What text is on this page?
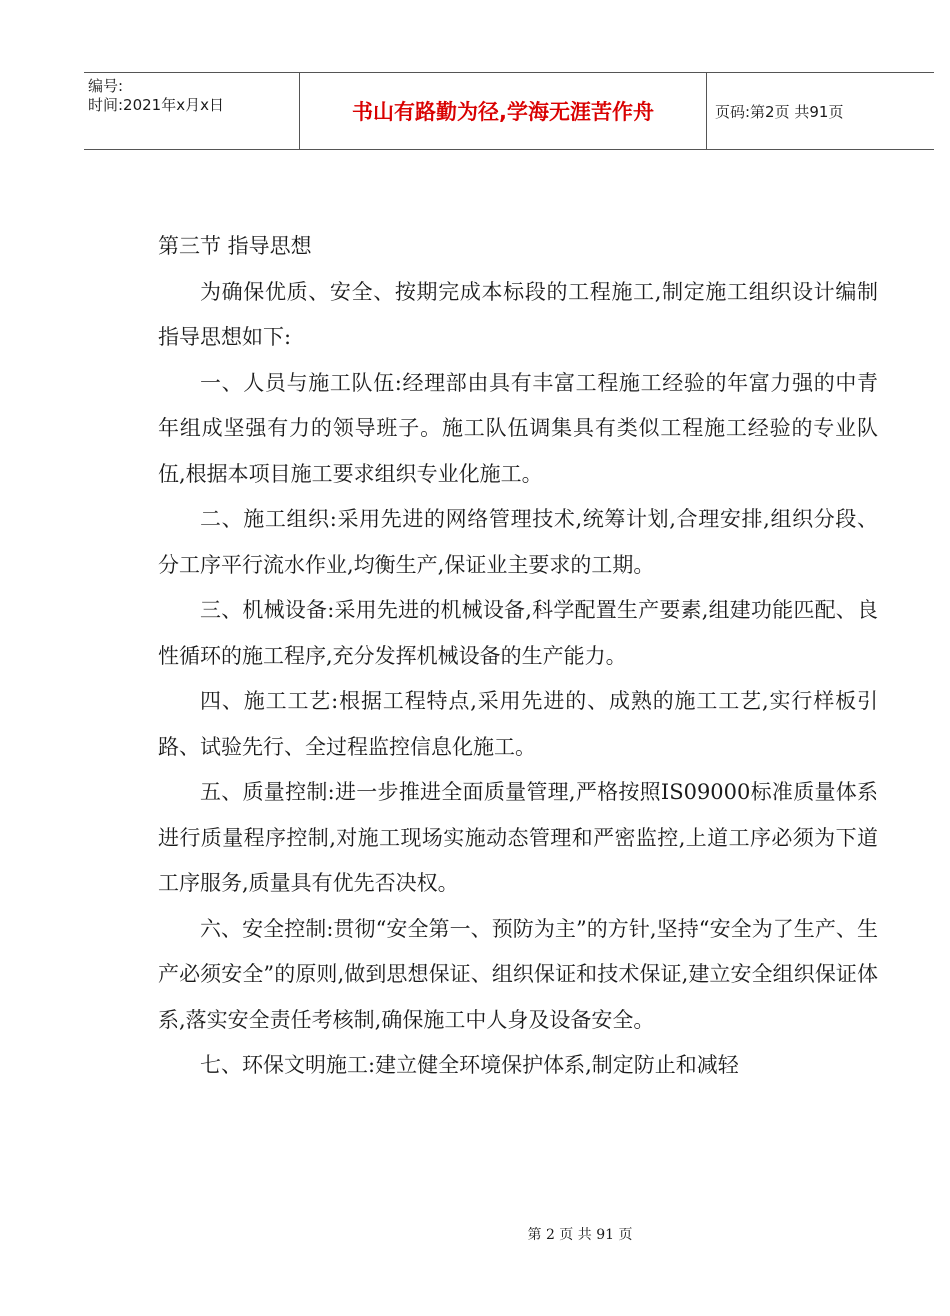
编号:
时间:2021年x月x日	书山有路勤为径,学海无涯苦作舟	页码:第2页 共91页

第三节 指导思想

为确保优质、安全、按期完成本标段的工程施工,制定施工组织设计编制指导思想如下:

一、人员与施工队伍:经理部由具有丰富工程施工经验的年富力强的中青年组成坚强有力的领导班子。施工队伍调集具有类似工程施工经验的专业队伍,根据本项目施工要求组织专业化施工。

二、施工组织:采用先进的网络管理技术,统筹计划,合理安排,组织分段、分工序平行流水作业,均衡生产,保证业主要求的工期。

三、机械设备:采用先进的机械设备,科学配置生产要素,组建功能匹配、良性循环的施工程序,充分发挥机械设备的生产能力。

四、施工工艺:根据工程特点,采用先进的、成熟的施工工艺,实行样板引路、试验先行、全过程监控信息化施工。

五、质量控制:进一步推进全面质量管理,严格按照IS09000标准质量体系进行质量程序控制,对施工现场实施动态管理和严密监控,上道工序必须为下道工序服务,质量具有优先否决权。

六、安全控制:贯彻“安全第一、预防为主”的方针,坚持“安全为了生产、生产必须安全”的原则,做到思想保证、组织保证和技术保证,建立安全组织保证体系,落实安全责任考核制,确保施工中人身及设备安全。

七、环保文明施工:建立健全环境保护体系,制定防止和减轻

第 2 页 共 91 页
